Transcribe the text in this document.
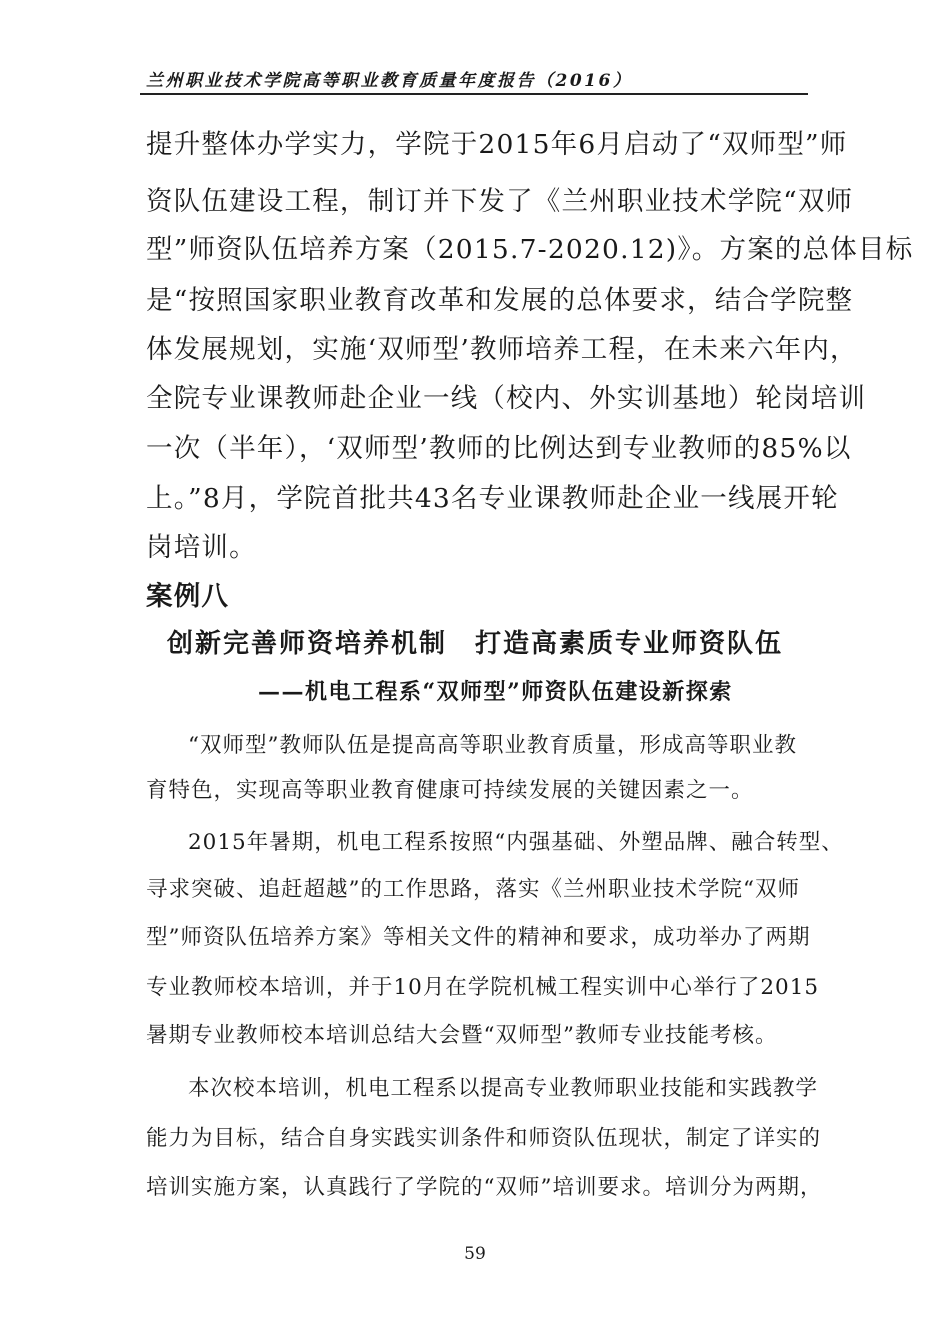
兰州职业技术学院高等职业教育质量年度报告（2016）
提升整体办学实力，学院于2015年6月启动了“双师型”师
资队伍建设工程，制订并下发了《兰州职业技术学院“双师
型”师资队伍培养方案（2015.7-2020.12)》。方案的总体目标
是“按照国家职业教育改革和发展的总体要求，结合学院整
体发展规划，实施‘双师型’教师培养工程，在未来六年内，
全院专业课教师赴企业一线（校内、外实训基地）轮岗培训
一次（半年），‘双师型’教师的比例达到专业教师的85%以
上。”8月，学院首批共43名专业课教师赴企业一线展开轮
岗培训。
案例八
创新完善师资培养机制　打造高素质专业师资队伍
——机电工程系“双师型”师资队伍建设新探索
“双师型”教师队伍是提高高等职业教育质量，形成高等职业教
育特色，实现高等职业教育健康可持续发展的关键因素之一。
2015年暑期，机电工程系按照“内强基础、外塑品牌、融合转型、
寻求突破、追赶超越”的工作思路，落实《兰州职业技术学院“双师
型”师资队伍培养方案》等相关文件的精神和要求，成功举办了两期
专业教师校本培训，并于10月在学院机械工程实训中心举行了2015
暑期专业教师校本培训总结大会暨“双师型”教师专业技能考核。
本次校本培训，机电工程系以提高专业教师职业技能和实践教学
能力为目标，结合自身实践实训条件和师资队伍现状，制定了详实的
培训实施方案，认真践行了学院的“双师”培训要求。培训分为两期，
59
